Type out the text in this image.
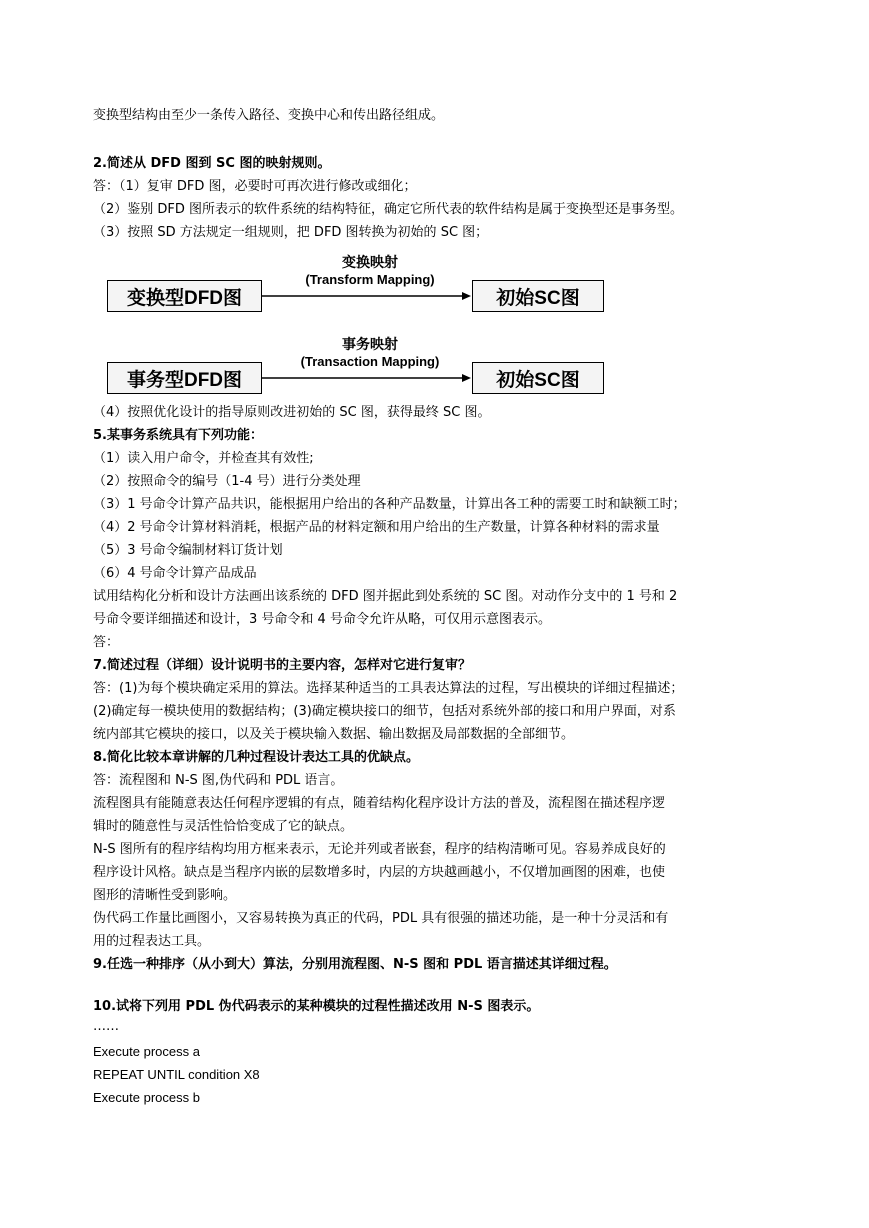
变换型结构由至少一条传入路径、变换中心和传出路径组成。
2.简述从 DFD 图到 SC 图的映射规则。
答：（1）复审 DFD 图，必要时可再次进行修改或细化；
（2）鉴别 DFD 图所表示的软件系统的结构特征，确定它所代表的软件结构是属于变换型还是事务型。
（3）按照 SD 方法规定一组规则，把 DFD 图转换为初始的 SC 图；
变换型DFD图
变换映射
(Transform Mapping)
初始SC图
事务型DFD图
事务映射
(Transaction Mapping)
初始SC图
（4）按照优化设计的指导原则改进初始的 SC 图，获得最终 SC 图。
5.某事务系统具有下列功能：
（1）读入用户命令，并检查其有效性;
（2）按照命令的编号（1-4 号）进行分类处理
（3）1 号命令计算产品共识，能根据用户给出的各种产品数量，计算出各工种的需要工时和缺额工时；
（4）2 号命令计算材料消耗，根据产品的材料定额和用户给出的生产数量，计算各种材料的需求量
（5）3 号命令编制材料订货计划
（6）4 号命令计算产品成品
试用结构化分析和设计方法画出该系统的 DFD 图并据此到处系统的 SC 图。对动作分支中的 1 号和 2
号命令要详细描述和设计，3 号命令和 4 号命令允许从略，可仅用示意图表示。
答：
7.简述过程（详细）设计说明书的主要内容，怎样对它进行复审？
答：(1)为每个模块确定采用的算法。选择某种适当的工具表达算法的过程，写出模块的详细过程描述；
(2)确定每一模块使用的数据结构；(3)确定模块接口的细节，包括对系统外部的接口和用户界面，对系
统内部其它模块的接口，以及关于模块输入数据、输出数据及局部数据的全部细节。
8.简化比较本章讲解的几种过程设计表达工具的优缺点。
答：流程图和 N-S 图,伪代码和 PDL 语言。
流程图具有能随意表达任何程序逻辑的有点，随着结构化程序设计方法的普及，流程图在描述程序逻
辑时的随意性与灵活性恰恰变成了它的缺点。
N-S 图所有的程序结构均用方框来表示，无论并列或者嵌套，程序的结构清晰可见。容易养成良好的
程序设计风格。缺点是当程序内嵌的层数增多时，内层的方块越画越小，不仅增加画图的困难，也使
图形的清晰性受到影响。
伪代码工作量比画图小，又容易转换为真正的代码，PDL 具有很强的描述功能，是一种十分灵活和有
用的过程表达工具。
9.任选一种排序（从小到大）算法，分别用流程图、N-S 图和 PDL 语言描述其详细过程。
10.试将下列用 PDL 伪代码表示的某种模块的过程性描述改用 N-S 图表示。
……
Execute process a
REPEAT UNTIL condition X8
Execute process b
